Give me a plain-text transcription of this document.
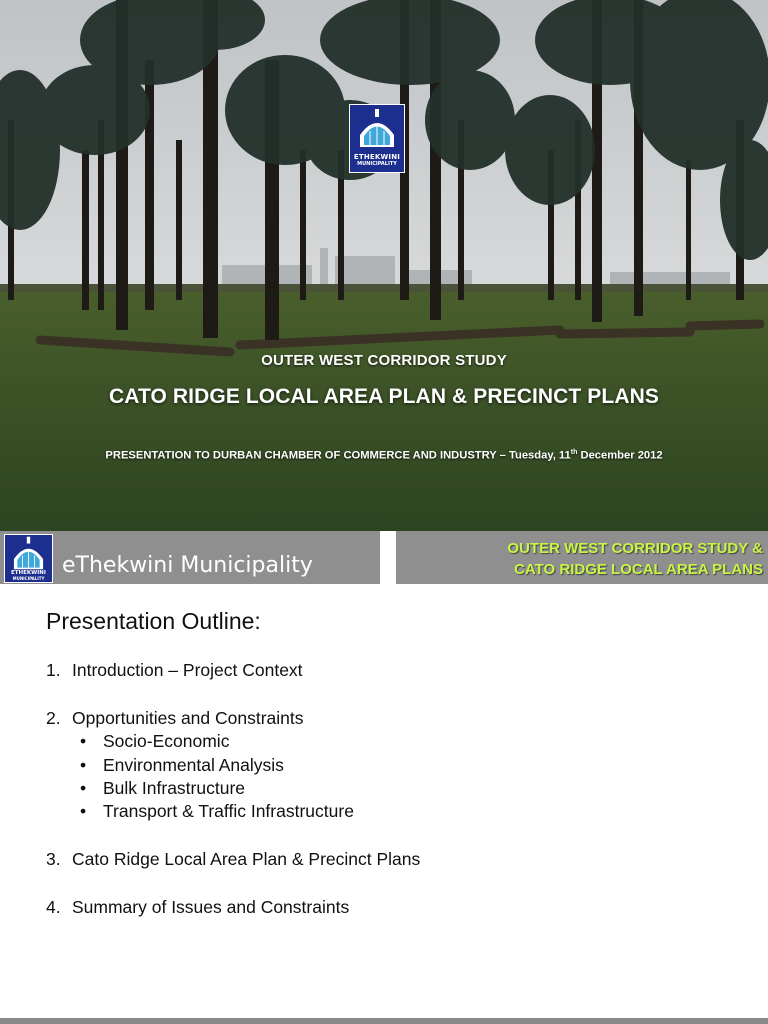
ETHEKWINI
MUNICIPALITY
OUTER WEST CORRIDOR STUDY
CATO RIDGE LOCAL AREA PLAN & PRECINCT PLANS
PRESENTATION TO DURBAN CHAMBER OF COMMERCE AND INDUSTRY – Tuesday, 11th December 2012
ETHEKWINI
MUNICIPALITY
eThekwini Municipality
OUTER WEST CORRIDOR STUDY &
CATO RIDGE LOCAL AREA PLANS
Presentation Outline:
1. Introduction – Project Context
2. Opportunities and Constraints
• Socio-Economic
• Environmental Analysis
• Bulk Infrastructure
• Transport & Traffic Infrastructure
3. Cato Ridge Local Area Plan & Precinct Plans
4. Summary of Issues and Constraints
